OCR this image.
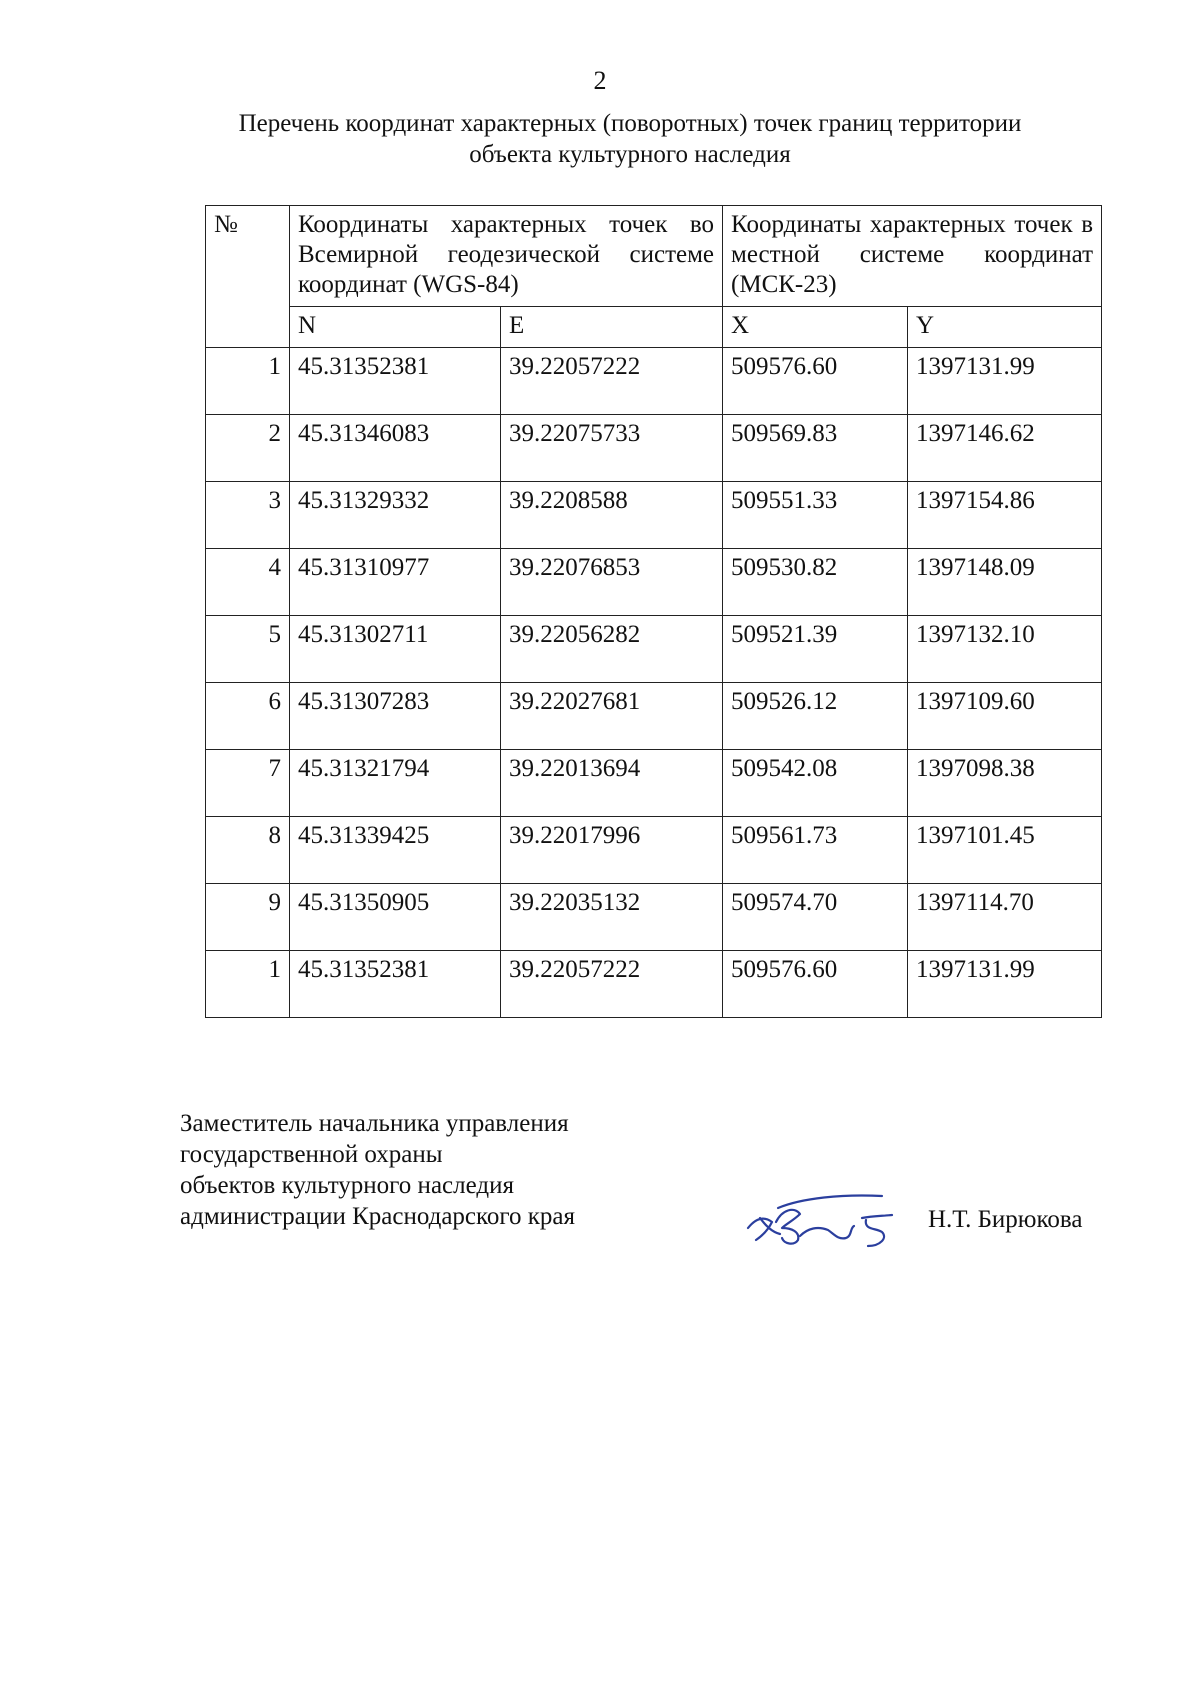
2
Перечень координат характерных (поворотных) точек границ территории
объекта культурного наследия
№	Координаты характерных точек во Всемирной геодезической системе координат (WGS-84)		Координаты характерных точек в местной системе координат (МСК-23)	
	N	E	X	Y
1	45.31352381	39.22057222	509576.60	1397131.99
2	45.31346083	39.22075733	509569.83	1397146.62
3	45.31329332	39.2208588	509551.33	1397154.86
4	45.31310977	39.22076853	509530.82	1397148.09
5	45.31302711	39.22056282	509521.39	1397132.10
6	45.31307283	39.22027681	509526.12	1397109.60
7	45.31321794	39.22013694	509542.08	1397098.38
8	45.31339425	39.22017996	509561.73	1397101.45
9	45.31350905	39.22035132	509574.70	1397114.70
1	45.31352381	39.22057222	509576.60	1397131.99
Заместитель начальника управления
государственной охраны
объектов культурного наследия
администрации Краснодарского края	Н.Т. Бирюкова
